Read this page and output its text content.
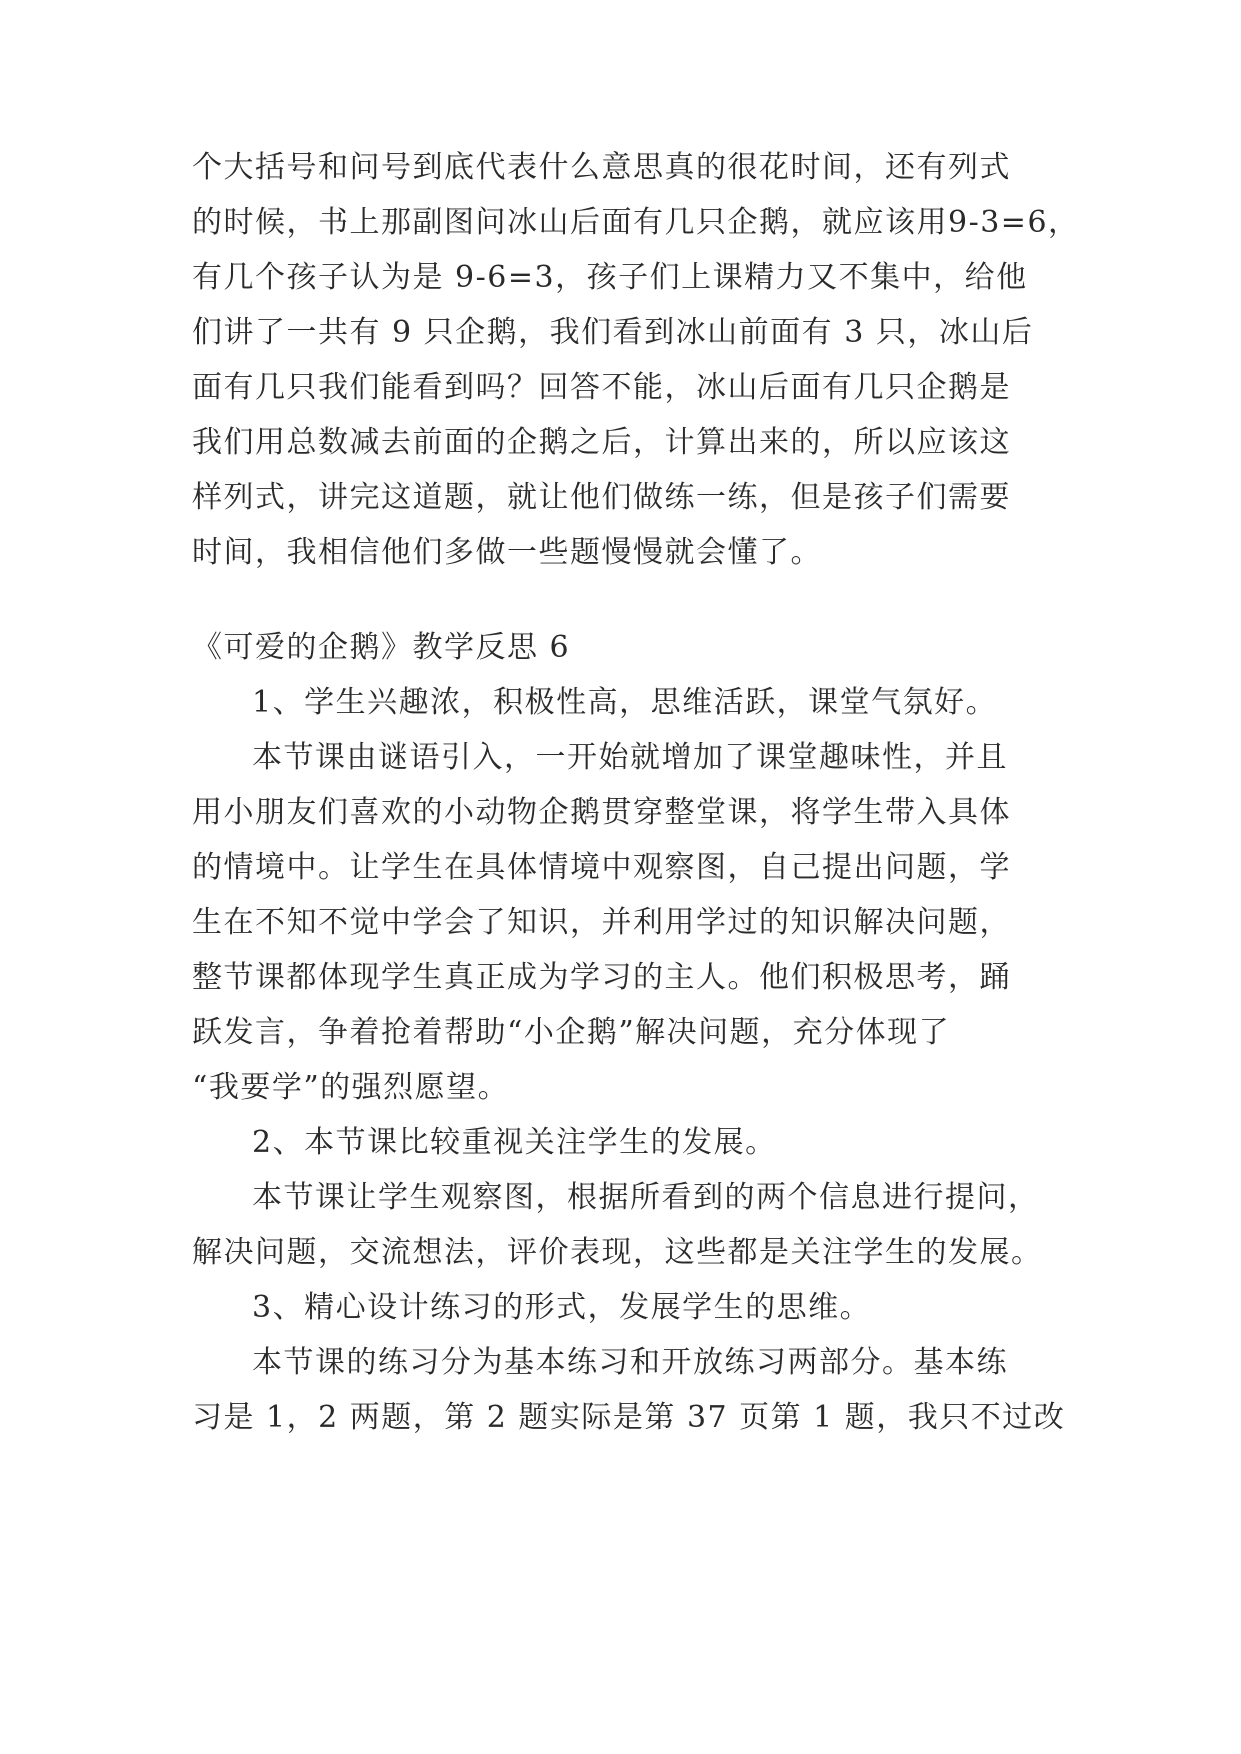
个大括号和问号到底代表什么意思真的很花时间，还有列式
的时候，书上那副图问冰山后面有几只企鹅，就应该用9-3=6，
有几个孩子认为是 9-6=3，孩子们上课精力又不集中，给他
们讲了一共有 9 只企鹅，我们看到冰山前面有 3 只，冰山后
面有几只我们能看到吗？回答不能，冰山后面有几只企鹅是
我们用总数减去前面的企鹅之后，计算出来的，所以应该这
样列式，讲完这道题，就让他们做练一练，但是孩子们需要
时间，我相信他们多做一些题慢慢就会懂了。
《可爱的企鹅》教学反思 6
1、学生兴趣浓，积极性高，思维活跃，课堂气氛好。
本节课由谜语引入，一开始就增加了课堂趣味性，并且
用小朋友们喜欢的小动物企鹅贯穿整堂课，将学生带入具体
的情境中。让学生在具体情境中观察图，自己提出问题，学
生在不知不觉中学会了知识，并利用学过的知识解决问题，
整节课都体现学生真正成为学习的主人。他们积极思考，踊
跃发言，争着抢着帮助“小企鹅”解决问题，充分体现了
“我要学”的强烈愿望。
2、本节课比较重视关注学生的发展。
本节课让学生观察图，根据所看到的两个信息进行提问，
解决问题，交流想法，评价表现，这些都是关注学生的发展。
3、精心设计练习的形式，发展学生的思维。
本节课的练习分为基本练习和开放练习两部分。基本练
习是 1，2 两题，第 2 题实际是第 37 页第 1 题，我只不过改
